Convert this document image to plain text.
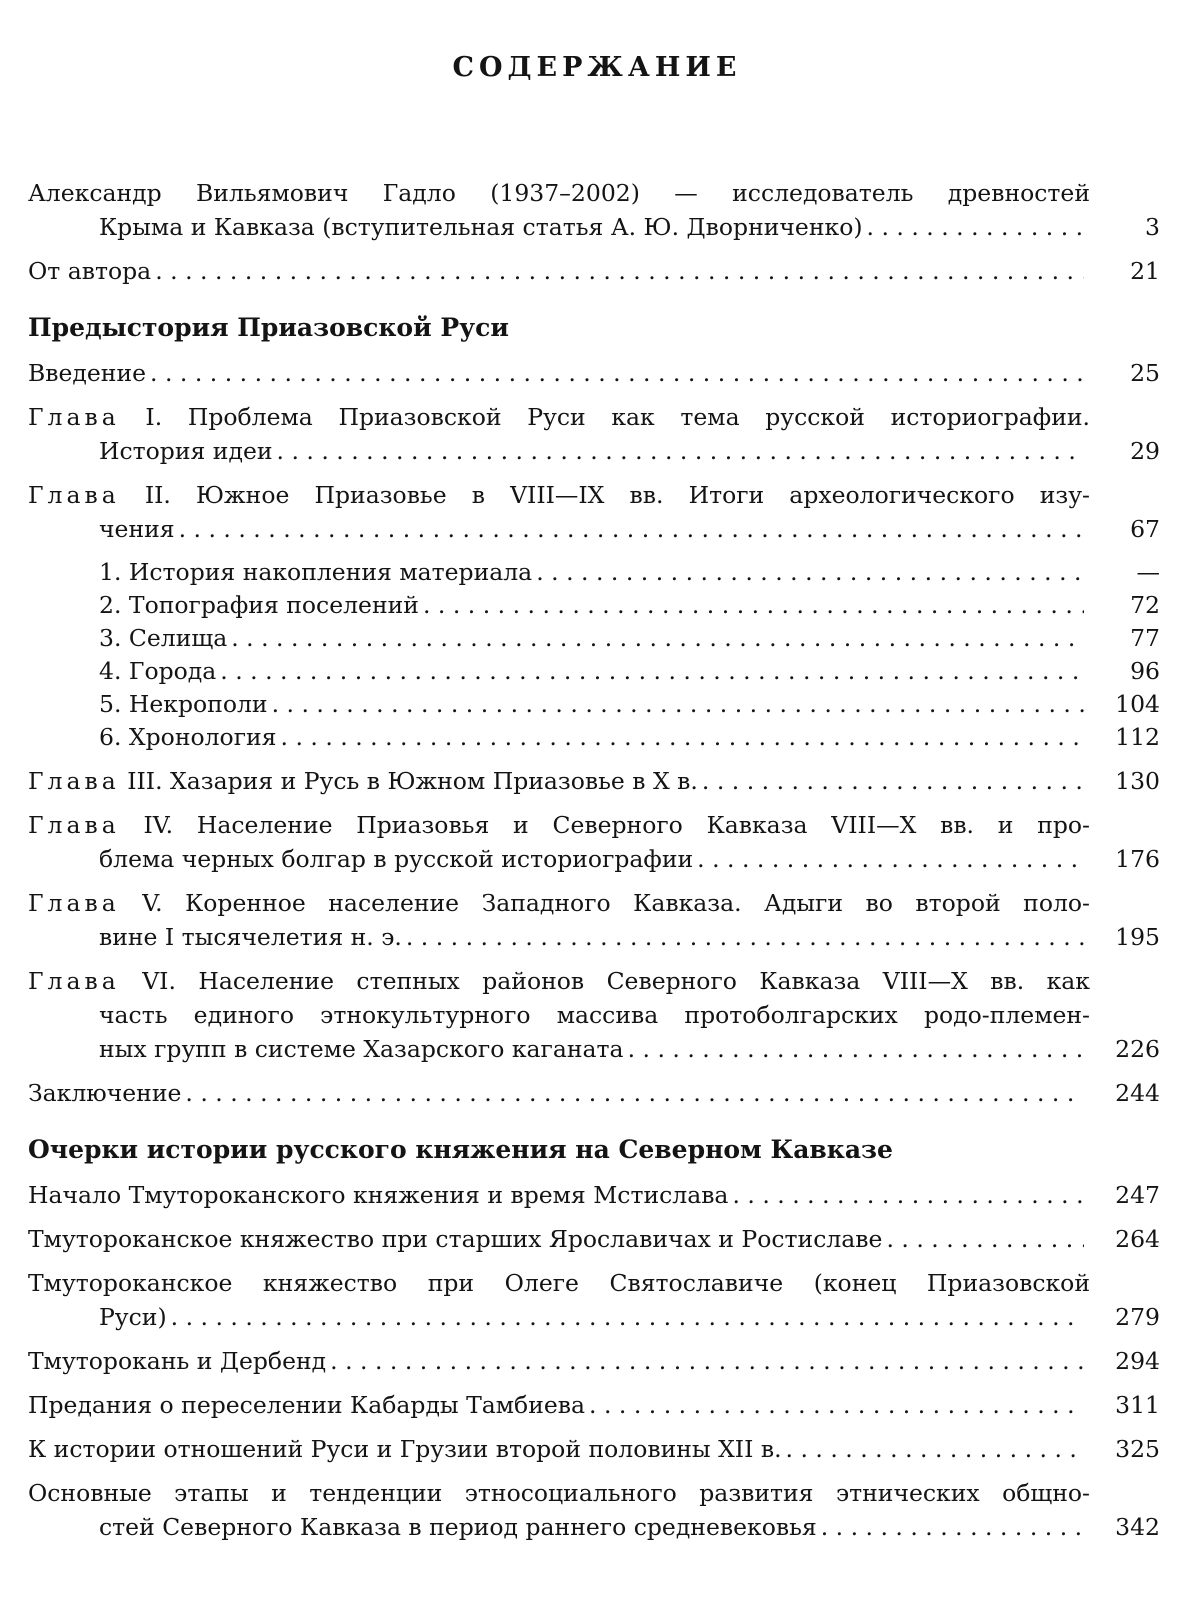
СОДЕРЖАНИЕ
Александр Вильямович Гадло (1937–2002) — исследователь древностей
Крыма и Кавказа (вступительная статья А. Ю. Дворниченко) . . .	3
От автора . . .	21
Предыстория Приазовской Руси
Введение . . .	25
Глава I. Проблема Приазовской Руси как тема русской историографии.
История идеи . . .	29
Глава II. Южное Приазовье в VIII—IX вв. Итоги археологического изу-
чения . . .	67
1. История накопления материала . . .	—
2. Топография поселений . . .	72
3. Селища . . .	77
4. Города . . .	96
5. Некрополи . . .	104
6. Хронология . . .	112
Глава III. Хазария и Русь в Южном Приазовье в X в. . . .	130
Глава IV. Население Приазовья и Северного Кавказа VIII—X вв. и про-
блема черных болгар в русской историографии . . .	176
Глава V. Коренное население Западного Кавказа. Адыги во второй поло-
вине I тысячелетия н. э. . . .	195
Глава VI. Население степных районов Северного Кавказа VIII—X вв. как
часть единого этнокультурного массива протоболгарских родо-племен-
ных групп в системе Хазарского каганата . . .	226
Заключение . . .	244
Очерки истории русского княжения на Северном Кавказе
Начало Тмутороканского княжения и время Мстислава . . .	247
Тмутороканское княжество при старших Ярославичах и Ростиславе . . .	264
Тмутороканское княжество при Олеге Святославиче (конец Приазовской
Руси) . . .	279
Тмуторокань и Дербенд . . .	294
Предания о переселении Кабарды Тамбиева . . .	311
К истории отношений Руси и Грузии второй половины XII в. . . .	325
Основные этапы и тенденции этносоциального развития этнических общно-
стей Северного Кавказа в период раннего средневековья . . .	342
